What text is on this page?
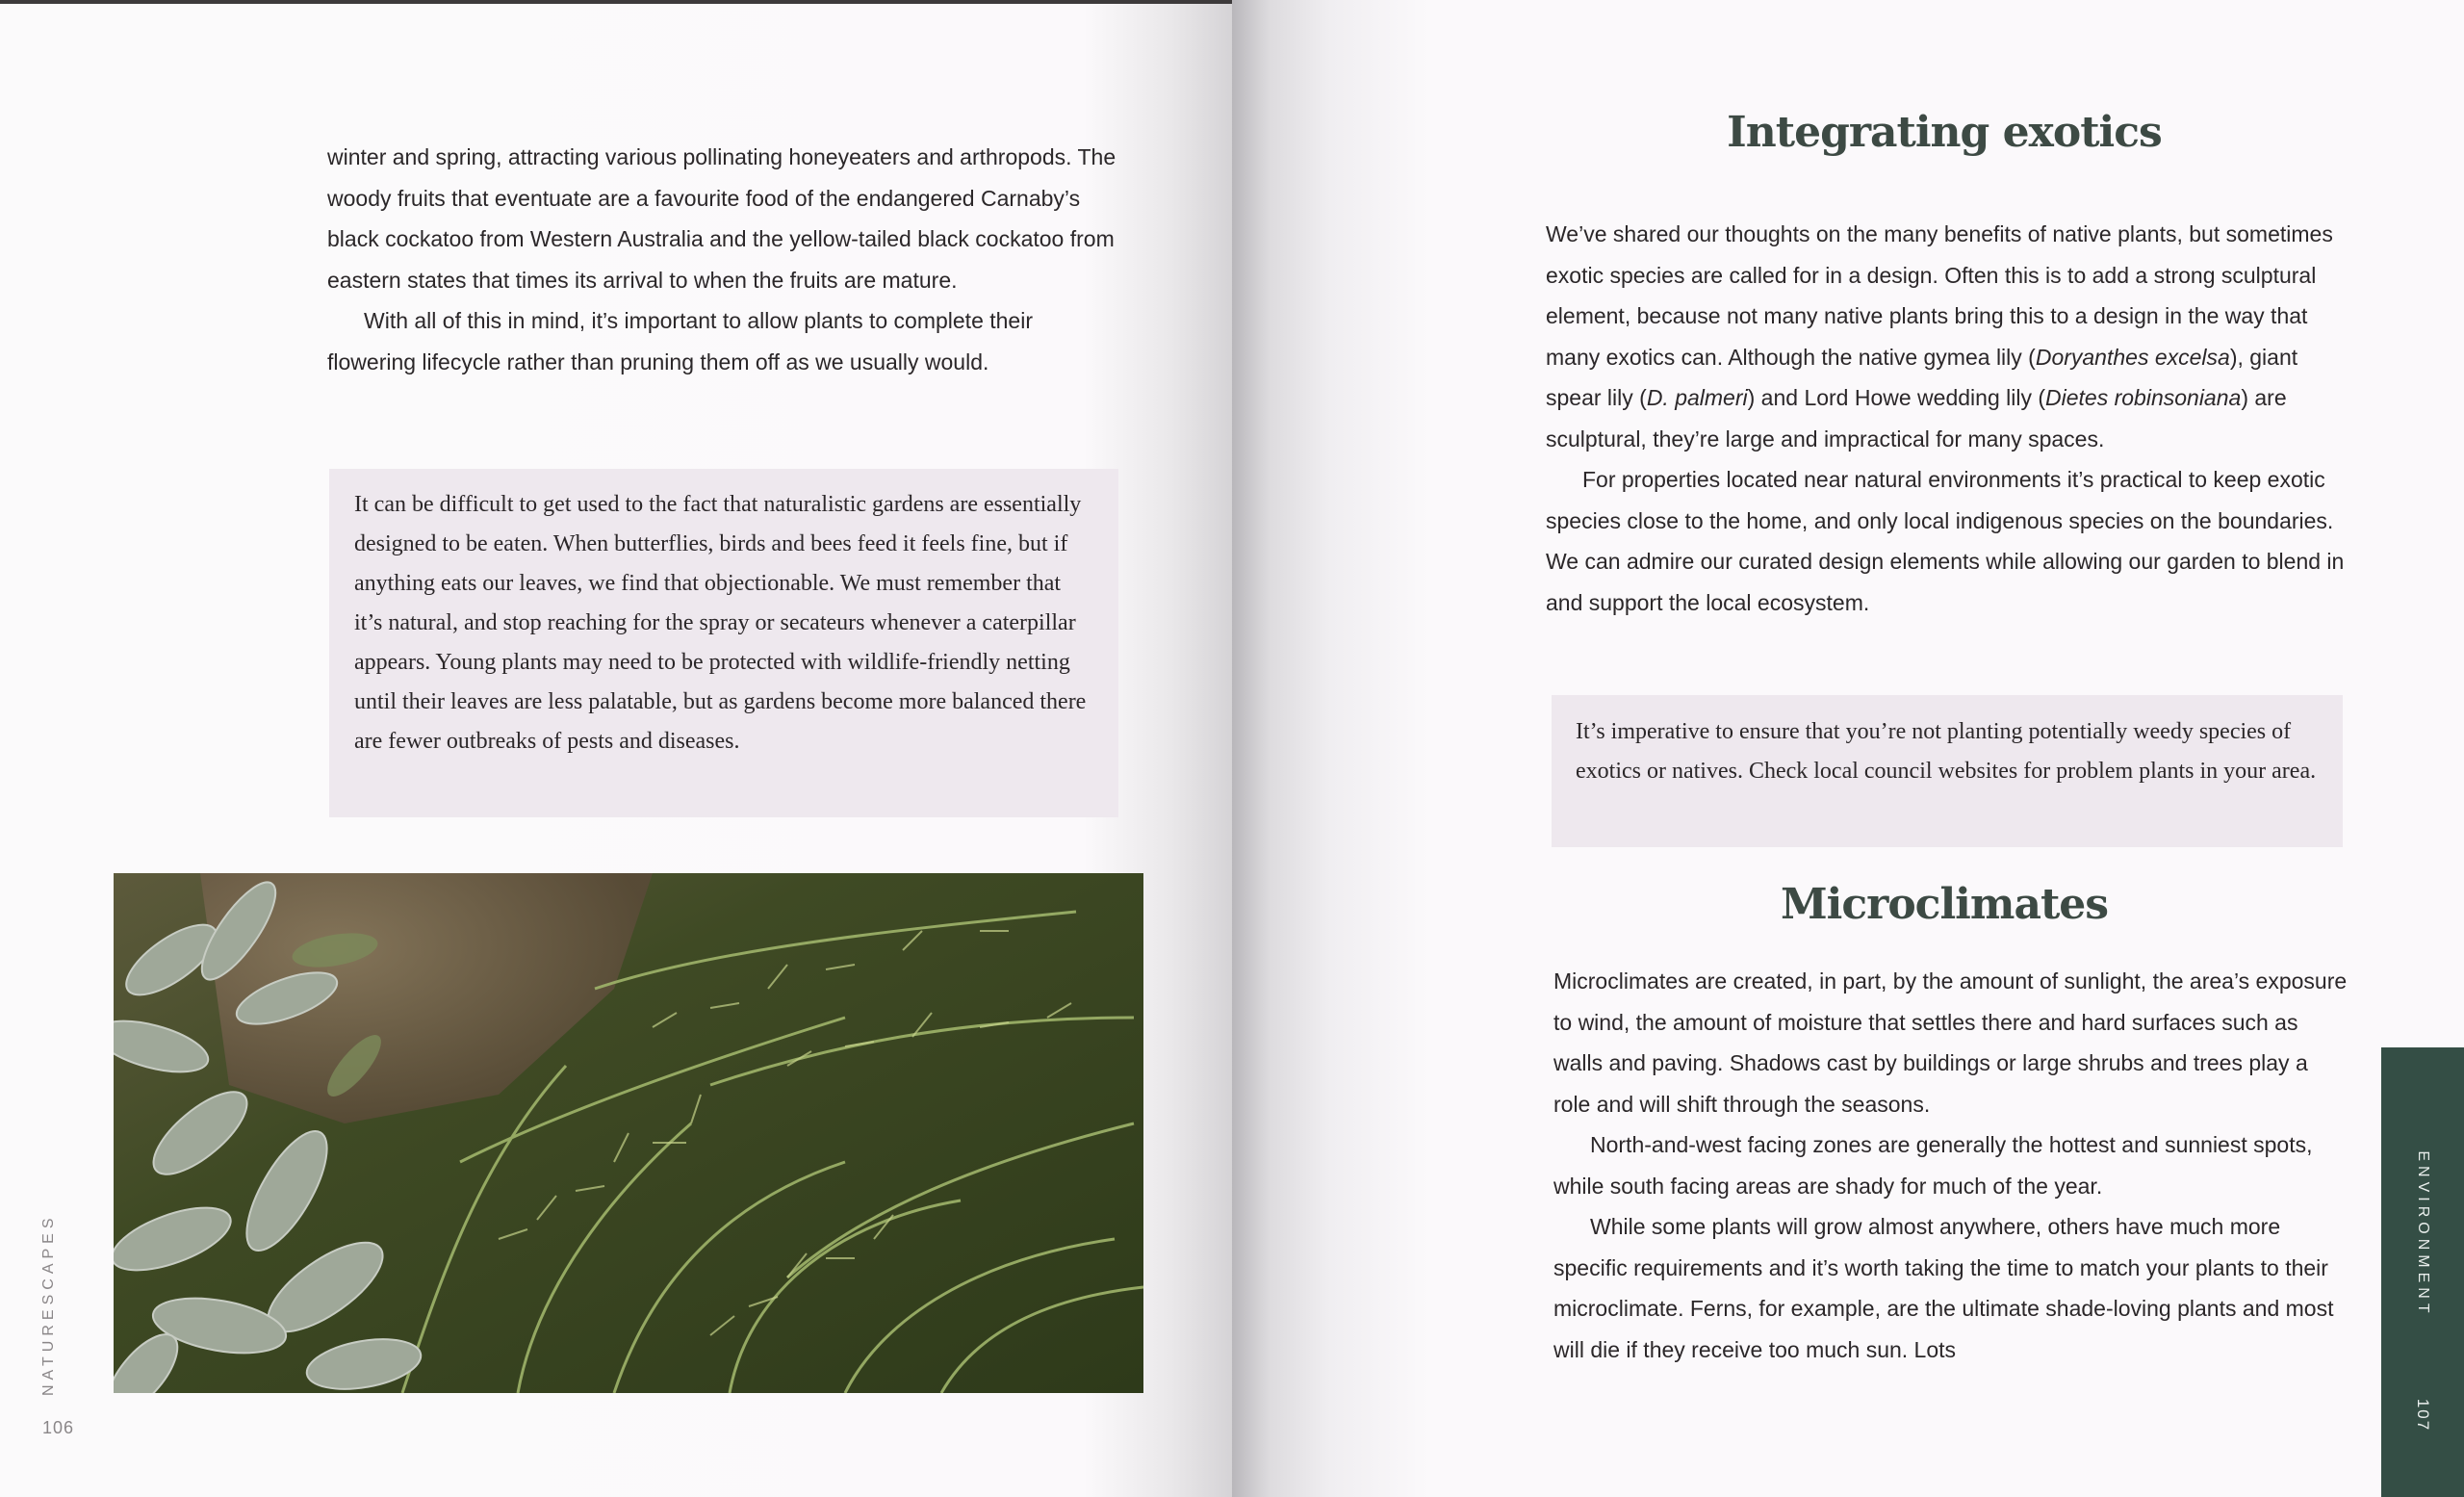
winter and spring, attracting various pollinating honeyeaters and arthropods. The woody fruits that eventuate are a favourite food of the endangered Carnaby’s black cockatoo from Western Australia and the yellow-tailed black cockatoo from eastern states that times its arrival to when the fruits are mature.

With all of this in mind, it’s important to allow plants to complete their flowering lifecycle rather than pruning them off as we usually would.

It can be difficult to get used to the fact that naturalistic gardens are essentially designed to be eaten. When butterflies, birds and bees feed it feels fine, but if anything eats our leaves, we find that objectionable. We must remember that it’s natural, and stop reaching for the spray or secateurs whenever a caterpillar appears. Young plants may need to be protected with wildlife-friendly netting until their leaves are less palatable, but as gardens become more balanced there are fewer outbreaks of pests and diseases.
NATURESCAPES
106
Integrating exotics

We’ve shared our thoughts on the many benefits of native plants, but sometimes exotic species are called for in a design. Often this is to add a strong sculptural element, because not many native plants bring this to a design in the way that many exotics can. Although the native gymea lily (Doryanthes excelsa), giant spear lily (D. palmeri) and Lord Howe wedding lily (Dietes robinsoniana) are sculptural, they’re large and impractical for many spaces.

For properties located near natural environments it’s practical to keep exotic species close to the home, and only local indigenous species on the boundaries. We can admire our curated design elements while allowing our garden to blend in and support the local ecosystem.

It’s imperative to ensure that you’re not planting potentially weedy species of exotics or natives. Check local council websites for problem plants in your area.
Microclimates

Microclimates are created, in part, by the amount of sunlight, the area’s exposure to wind, the amount of moisture that settles there and hard surfaces such as walls and paving. Shadows cast by buildings or large shrubs and trees play a role and will shift through the seasons.

North-and-west facing zones are generally the hottest and sunniest spots, while south facing areas are shady for much of the year.

While some plants will grow almost anywhere, others have much more specific requirements and it’s worth taking the time to match your plants to their microclimate. Ferns, for example, are the ultimate shade-loving plants and most will die if they receive too much sun. Lots

ENVIRONMENT
107
